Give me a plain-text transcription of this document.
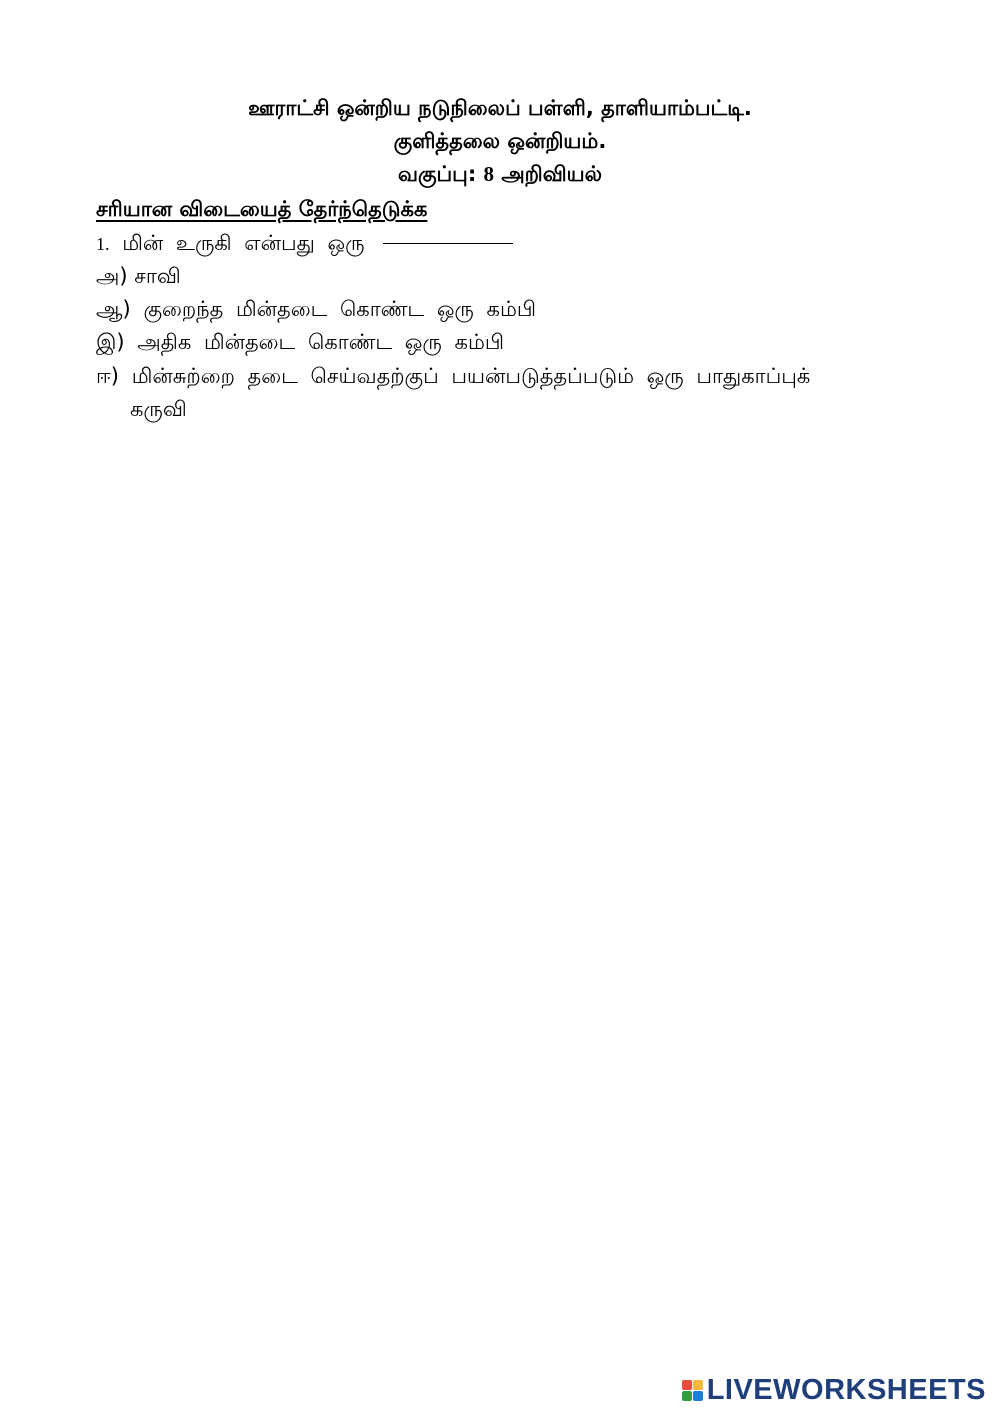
ஊராட்சி ஒன்றிய நடுநிலைப் பள்ளி, தாளியாம்பட்டி.
குளித்தலை ஒன்றியம்.
வகுப்பு: 8 அறிவியல்
சரியான விடையைத் தேர்ந்தெடுக்க
1. மின் உருகி என்பது ஒரு
அ) சாவி
ஆ) குறைந்த மின்தடை கொண்ட ஒரு கம்பி
இ) அதிக மின்தடை கொண்ட ஒரு கம்பி
ஈ) மின்சுற்றை தடை செய்வதற்குப் பயன்படுத்தப்படும் ஒரு பாதுகாப்புக்
கருவி
LIVEWORKSHEETS
